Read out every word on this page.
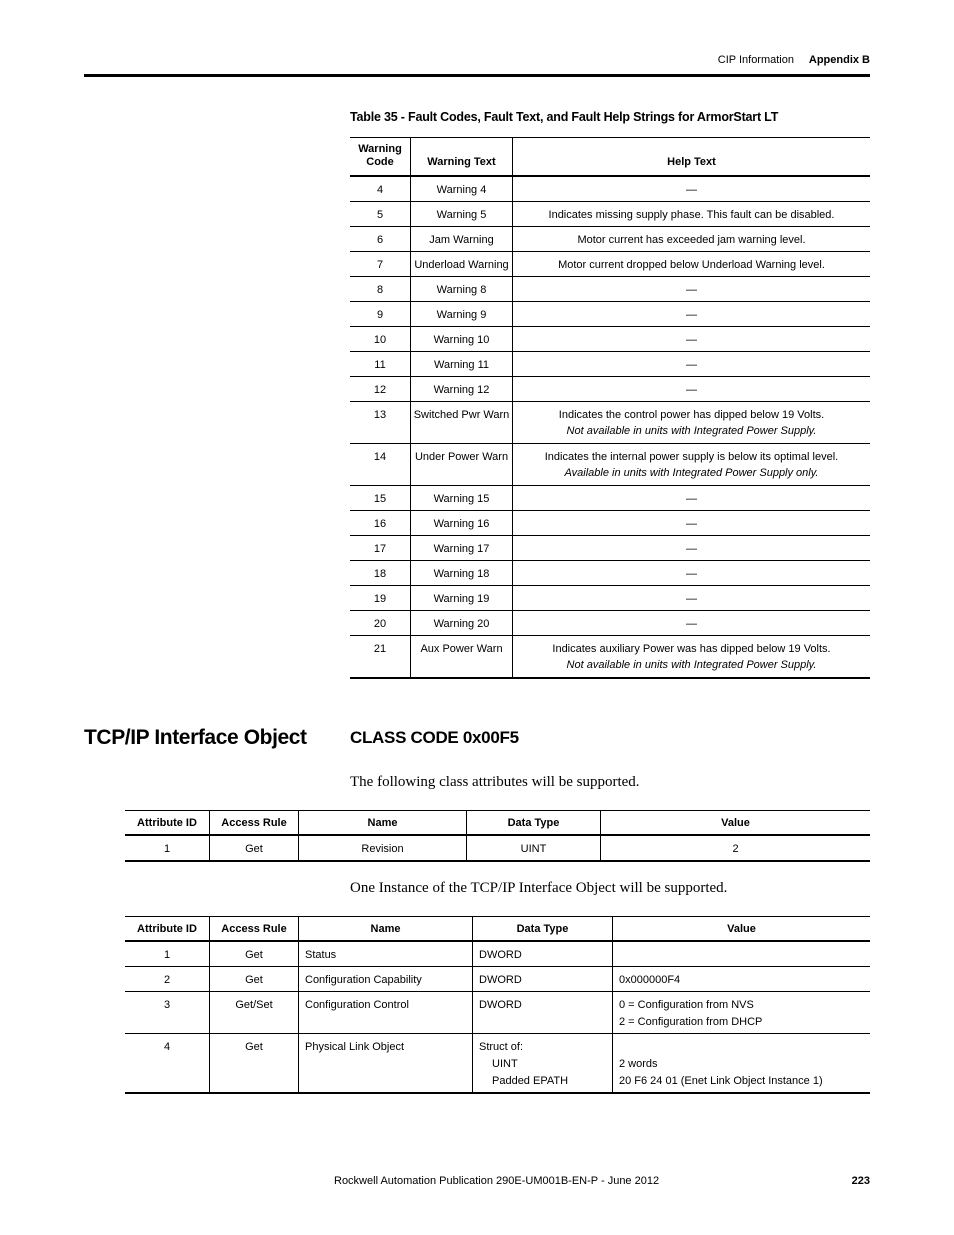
CIP Information Appendix B
Table 35 - Fault Codes, Fault Text, and Fault Help Strings for ArmorStart LT
Warning
Code	Warning Text	Help Text
4	Warning 4	—

5	Warning 5	Indicates missing supply phase. This fault can be disabled.

6	Jam Warning	Motor current has exceeded jam warning level.

7	Underload Warning	Motor current dropped below Underload Warning level.

8	Warning 8	—

9	Warning 9	—

10	Warning 10	—

11	Warning 11	—

12	Warning 12	—

13	Switched Pwr Warn	Indicates the control power has dipped below 19 Volts.
Not available in units with Integrated Power Supply.

14	Under Power Warn	Indicates the internal power supply is below its optimal level.
Available in units with Integrated Power Supply only.

15	Warning 15	—

16	Warning 16	—

17	Warning 17	—

18	Warning 18	—

19	Warning 19	—

20	Warning 20	—

21	Aux Power Warn	Indicates auxiliary Power was has dipped below 19 Volts.
Not available in units with Integrated Power Supply.
TCP/IP Interface Object	CLASS CODE 0x00F5
The following class attributes will be supported.
Attribute ID	Access Rule	Name	Data Type	Value
1	Get	Revision	UINT	2
One Instance of the TCP/IP Interface Object will be supported.
Attribute ID	Access Rule	Name	Data Type	Value
1	Get	Status	DWORD	

2	Get	Configuration Capability	DWORD	0x000000F4

3	Get/Set	Configuration Control	DWORD	0 = Configuration from NVS
2 = Configuration from DHCP

4	Get	Physical Link Object	Struct of:
UINT
Padded EPATH	2 words
20 F6 24 01 (Enet Link Object Instance 1)
Rockwell Automation Publication 290E-UM001B-EN-P - June 2012	223
